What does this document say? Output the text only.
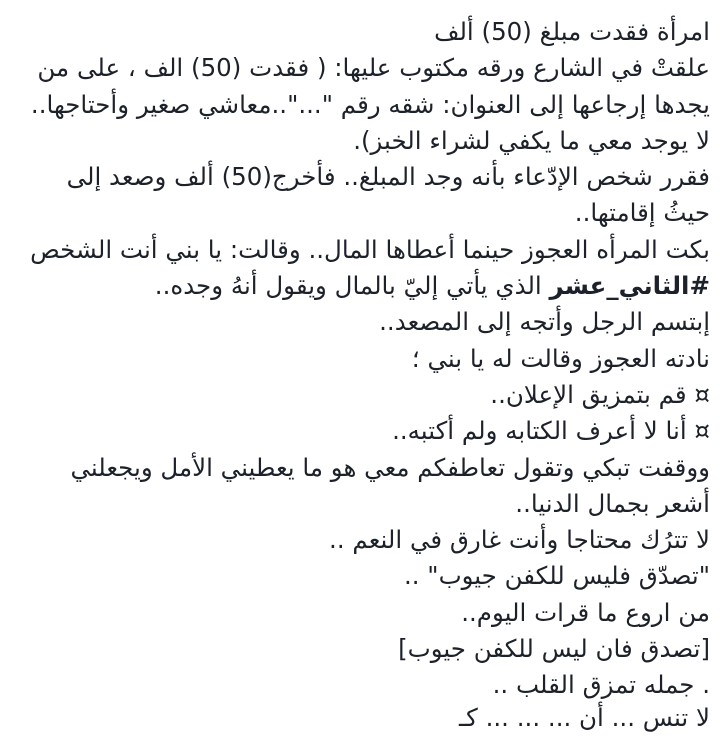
امرأة فقدت مبلغ (50) ألف
علقتْ في الشارع ورقه مكتوب عليها: ( فقدت (50) الف ، على من
يجدها إرجاعها إلى العنوان: شقه رقم "..."..معاشي صغير وأحتاجها..
لا يوجد معي ما يكفي لشراء الخبز).
فقرر شخص الإدّعاء بأنه وجد المبلغ.. فأخرج(50) ألف وصعد إلى
حيثُ إقامتها..
بكت المرأه العجوز حينما أعطاها المال.. وقالت: يا بني أنت الشخص
#الثاني_عشر الذي يأتي إليّ بالمال ويقول أنهُ وجده..
إبتسم الرجل وأتجه إلى المصعد..
نادته العجوز وقالت له يا بني ؛
¤ قم بتمزيق الإعلان..
¤ أنا لا أعرف الكتابه ولم أكتبه..
ووقفت تبكي وتقول تعاطفكم معي هو ما يعطيني الأمل ويجعلني
أشعر بجمال الدنيا..
لا تترُك محتاجا وأنت غارق في النعم ..
"تصدّق فليس للكفن جيوب" ..
من اروع ما قرات اليوم..
[تصدق فان ليس للكفن جيوب]
. جمله تمزق القلب ..
لا تنس ... أن ... ... ... كـ
